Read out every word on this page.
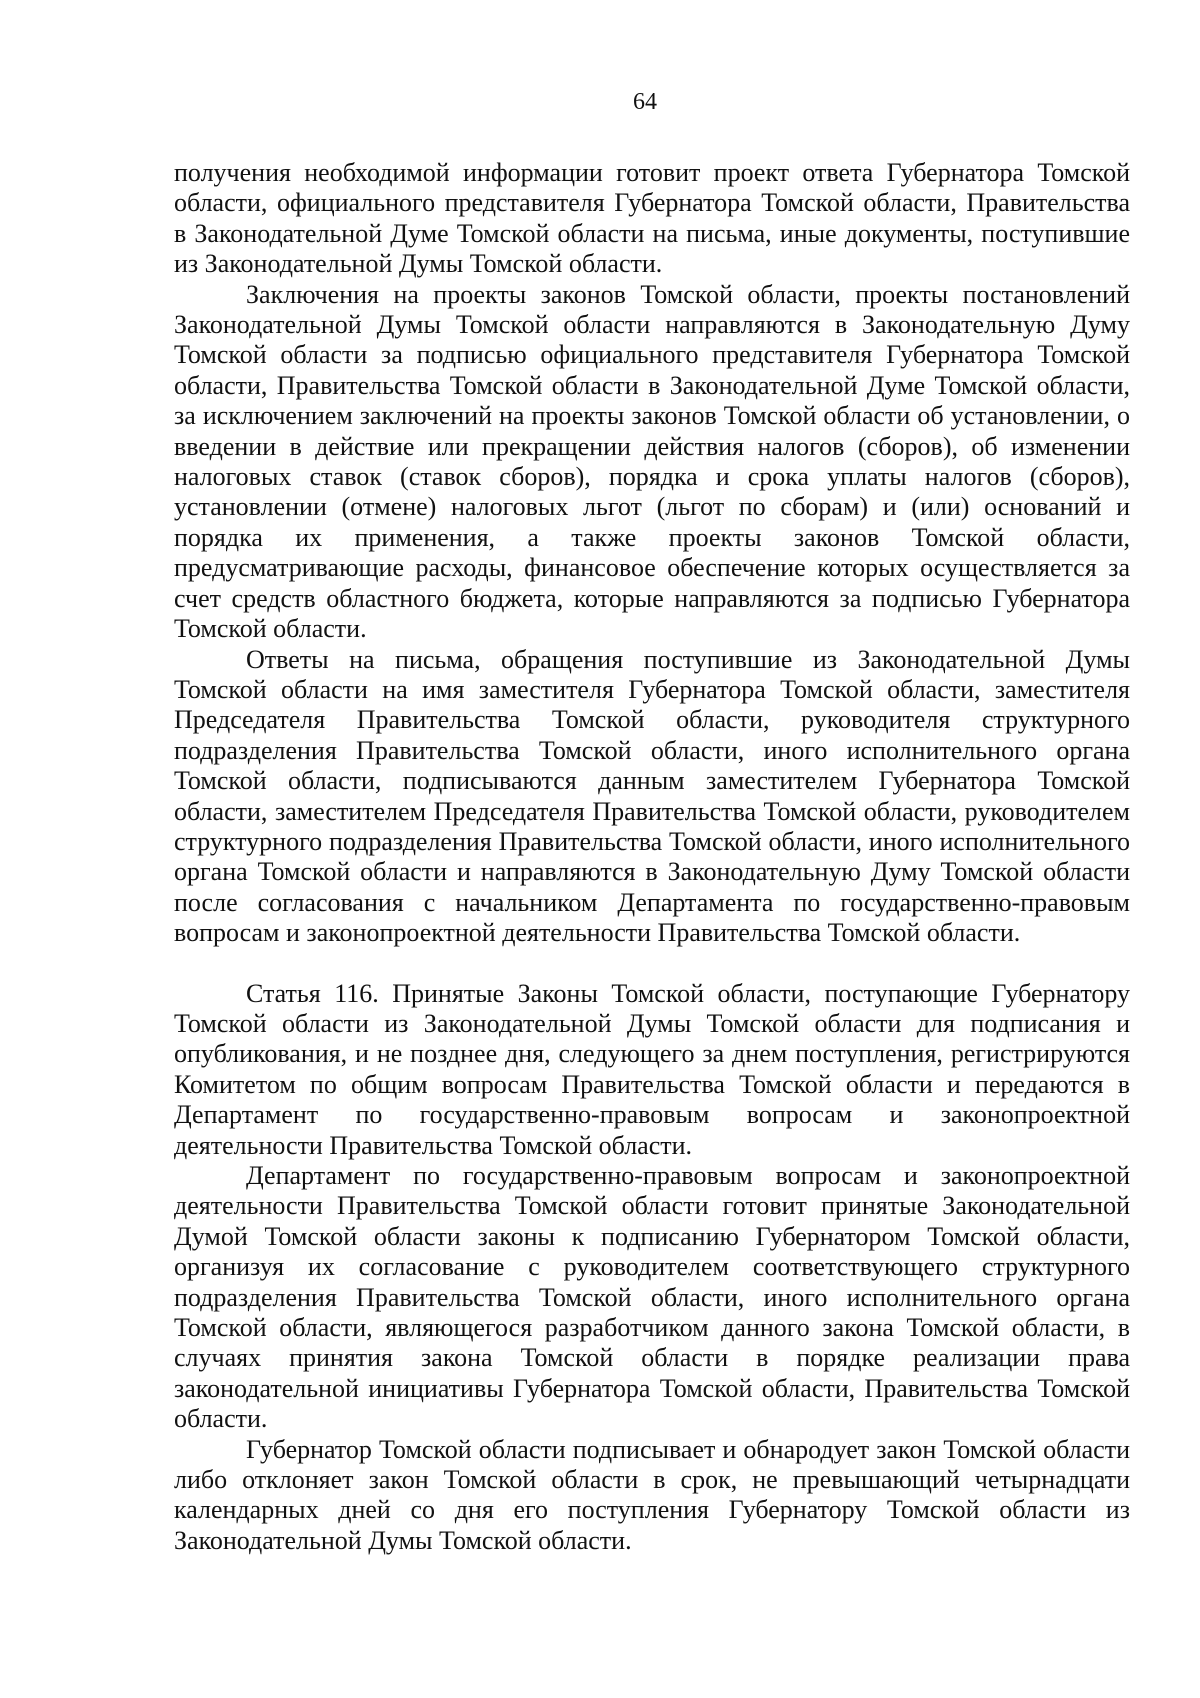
64

получения необходимой информации готовит проект ответа Губернатора Томской области, официального представителя Губернатора Томской области, Правительства в Законодательной Думе Томской области на письма, иные документы, поступившие из Законодательной Думы Томской области.

Заключения на проекты законов Томской области, проекты постановлений Законодательной Думы Томской области направляются в Законодательную Думу Томской области за подписью официального представителя Губернатора Томской области, Правительства Томской области в Законодательной Думе Томской области, за исключением заключений на проекты законов Томской области об установлении, о введении в действие или прекращении действия налогов (сборов), об изменении налоговых ставок (ставок сборов), порядка и срока уплаты налогов (сборов), установлении (отмене) налоговых льгот (льгот по сборам) и (или) оснований и порядка их применения, а также проекты законов Томской области, предусматривающие расходы, финансовое обеспечение которых осуществляется за счет средств областного бюджета, которые направляются за подписью Губернатора Томской области.

Ответы на письма, обращения поступившие из Законодательной Думы Томской области на имя заместителя Губернатора Томской области, заместителя Председателя Правительства Томской области, руководителя структурного подразделения Правительства Томской области, иного исполнительного органа Томской области, подписываются данным заместителем Губернатора Томской области, заместителем Председателя Правительства Томской области, руководителем структурного подразделения Правительства Томской области, иного исполнительного органа Томской области и направляются в Законодательную Думу Томской области после согласования с начальником Департамента по государственно-правовым вопросам и законопроектной деятельности Правительства Томской области.

Статья 116. Принятые Законы Томской области, поступающие Губернатору Томской области из Законодательной Думы Томской области для подписания и опубликования, и не позднее дня, следующего за днем поступления, регистрируются Комитетом по общим вопросам Правительства Томской области и передаются в Департамент по государственно-правовым вопросам и законопроектной деятельности Правительства Томской области.

Департамент по государственно-правовым вопросам и законопроектной деятельности Правительства Томской области готовит принятые Законодательной Думой Томской области законы к подписанию Губернатором Томской области, организуя их согласование с руководителем соответствующего структурного подразделения Правительства Томской области, иного исполнительного органа Томской области, являющегося разработчиком данного закона Томской области, в случаях принятия закона Томской области в порядке реализации права законодательной инициативы Губернатора Томской области, Правительства Томской области.

Губернатор Томской области подписывает и обнародует закон Томской области либо отклоняет закон Томской области в срок, не превышающий четырнадцати календарных дней со дня его поступления Губернатору Томской области из Законодательной Думы Томской области.
